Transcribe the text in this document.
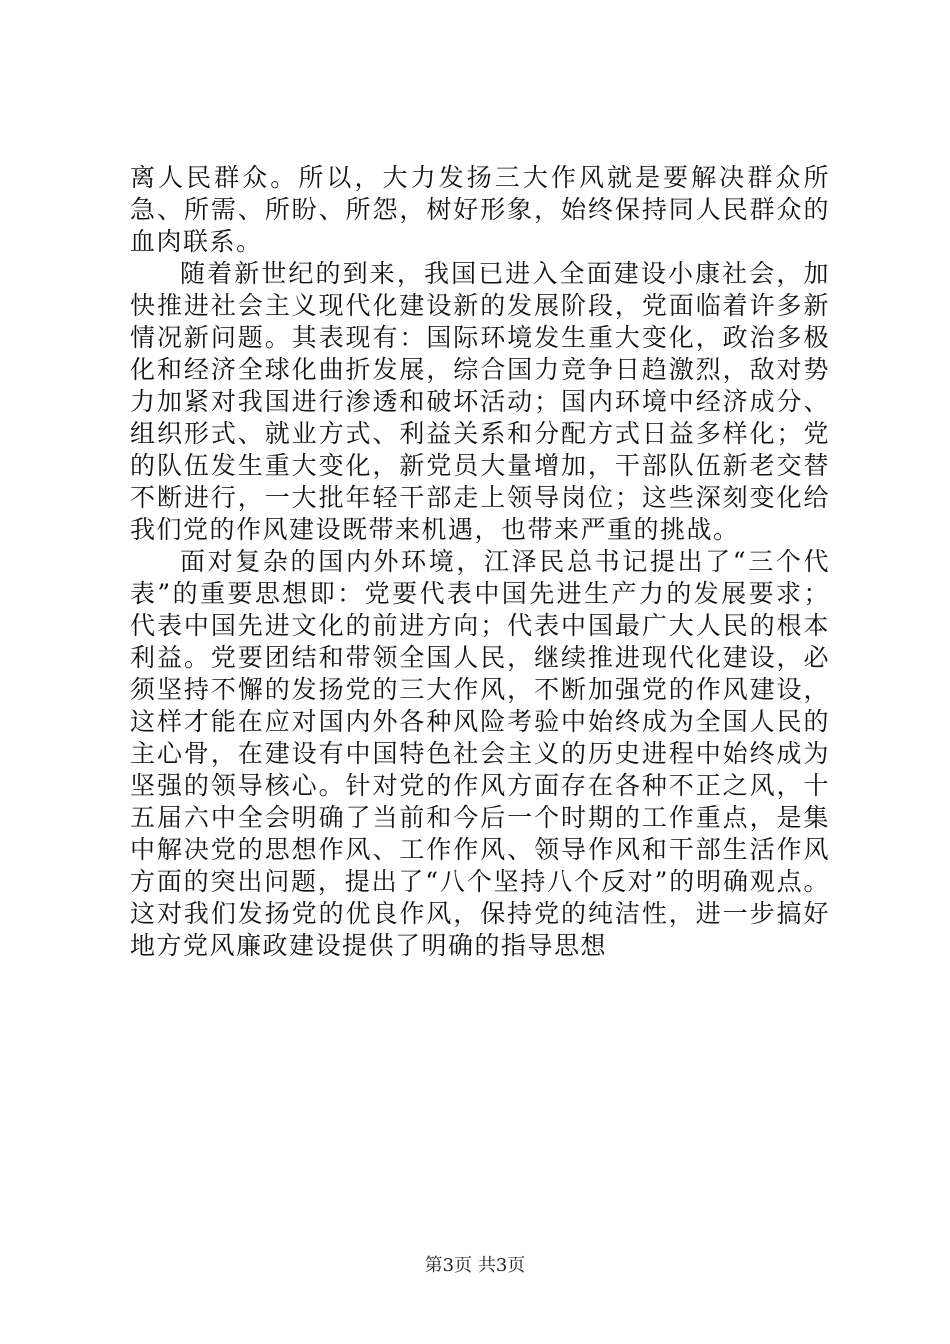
离人民群众。所以，大力发扬三大作风就是要解决群众所急、所需、所盼、所怨，树好形象，始终保持同人民群众的血肉联系。

随着新世纪的到来，我国已进入全面建设小康社会，加快推进社会主义现代化建设新的发展阶段，党面临着许多新情况新问题。其表现有：国际环境发生重大变化，政治多极化和经济全球化曲折发展，综合国力竞争日趋激烈，敌对势力加紧对我国进行渗透和破坏活动；国内环境中经济成分、组织形式、就业方式、利益关系和分配方式日益多样化；党的队伍发生重大变化，新党员大量增加，干部队伍新老交替不断进行，一大批年轻干部走上领导岗位；这些深刻变化给我们党的作风建设既带来机遇，也带来严重的挑战。

面对复杂的国内外环境，江泽民总书记提出了“三个代表”的重要思想即：党要代表中国先进生产力的发展要求；代表中国先进文化的前进方向；代表中国最广大人民的根本利益。党要团结和带领全国人民，继续推进现代化建设，必须坚持不懈的发扬党的三大作风，不断加强党的作风建设，这样才能在应对国内外各种风险考验中始终成为全国人民的主心骨，在建设有中国特色社会主义的历史进程中始终成为坚强的领导核心。针对党的作风方面存在各种不正之风，十五届六中全会明确了当前和今后一个时期的工作重点，是集中解决党的思想作风、工作作风、领导作风和干部生活作风方面的突出问题，提出了“八个坚持八个反对”的明确观点。这对我们发扬党的优良作风，保持党的纯洁性，进一步搞好地方党风廉政建设提供了明确的指导思想

第3页 共3页
